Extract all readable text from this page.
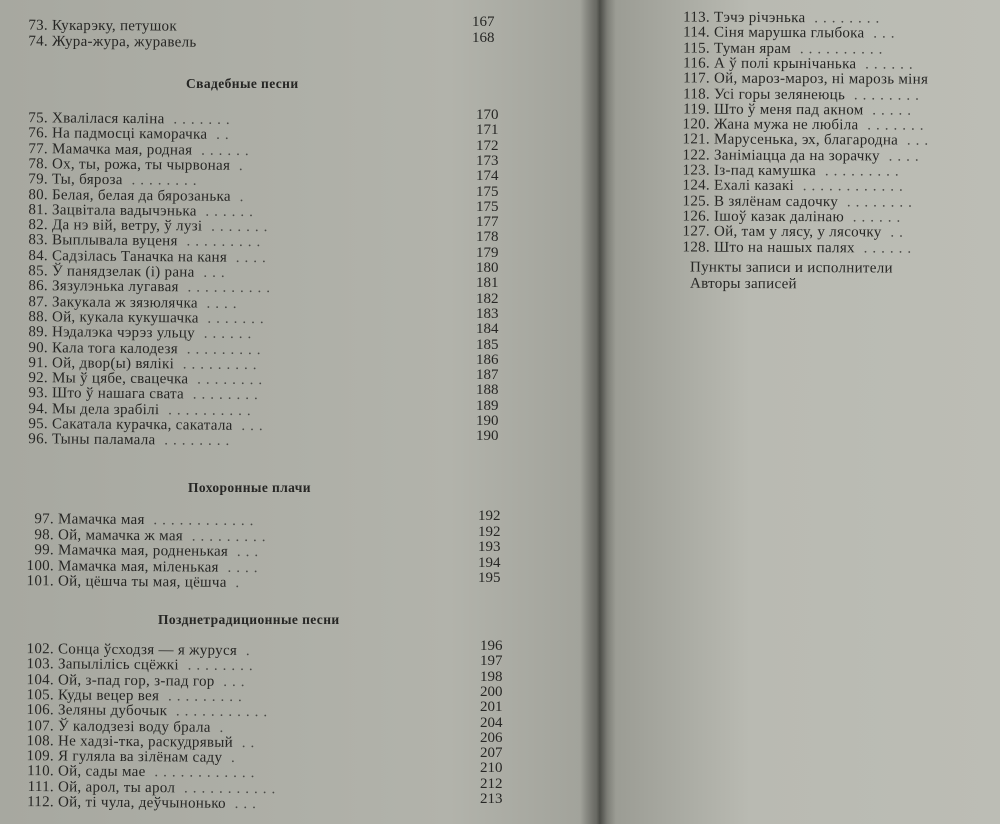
73. Кукарэку, петушок	167
74. Жура-жура, журавель	168
Свадебные песни
75. Хвалілася каліна .......	170
76. На падмосці каморачка ..	171
77. Мамачка мая, родная ......	172
78. Ох, ты, рожа, ты чырвоная .	173
79. Ты, бяроза ........	174
80. Белая, белая да бярозанька .	175
81. Зацвітала вадычэнька ......	175
82. Да нэ вій, ветру, ў лузі .......	177
83. Выплывала вуценя .........	178
84. Садзілась Таначка на каня ....	179
85. Ў панядзелак (і) рана ...	180
86. Зязулэнька лугавая ..........	181
87. Закукала ж зязюлячка ....	182
88. Ой, кукала кукушачка .......	183
89. Нэдалэка чэрэз ульцу ......	184
90. Кала тога калодезя .........	185
91. Ой, двор(ы) вялікі .........	186
92. Мы ў цябе, свацечка ........	187
93. Што ў нашага свата ........	188
94. Мы дела зрабілі ..........	189
95. Сакатала курачка, сакатала ...	190
96. Тыны паламала ........	190
Похоронные плачи
97. Мамачка мая ............	192
98. Ой, мамачка ж мая .........	192
99. Мамачка мая, родненькая ...	193
100. Мамачка мая, міленькая ....	194
101. Ой, цёшча ты мая, цёшча .	195
Позднетрадиционные песни
102. Сонца ўсходзя — я журуся .	196
103. Запылілісь сцёжкі ........	197
104. Ой, з-пад гор, з-пад гор ...	198
105. Куды вецер вея .........	200
106. Зеляны дубочык ...........	201
107. Ў калодзезі воду брала .	204
108. Не хадзі-тка, раскудрявый ..	206
109. Я гуляла ва зілёнам саду .	207
110. Ой, сады мае ............	210
111. Ой, арол, ты арол ...........	212
112. Ой, ті чула, деўчынонько ...	213
113. Тэчэ річэнька ........
114. Сіня марушка глыбока ...
115. Туман ярам ..........
116. А ў полі крынічанька ......
117. Ой, мароз-мароз, ні марозь міня
118. Усі горы зелянеюць ........
119. Што ў меня пад акном .....
120. Жана мужа не любіла .......
121. Марусенька, эх, благародна ...
122. Заніміацца да на зорачку ....
123. Із-пад камушка .........
124. Ехалі казакі ............
125. В зялёнам садочку ........
126. Ішоў казак далінаю ......
127. Ой, там у лясу, у лясочку ..
128. Што на нашых палях ......
Пункты записи и исполнители
Авторы записей
